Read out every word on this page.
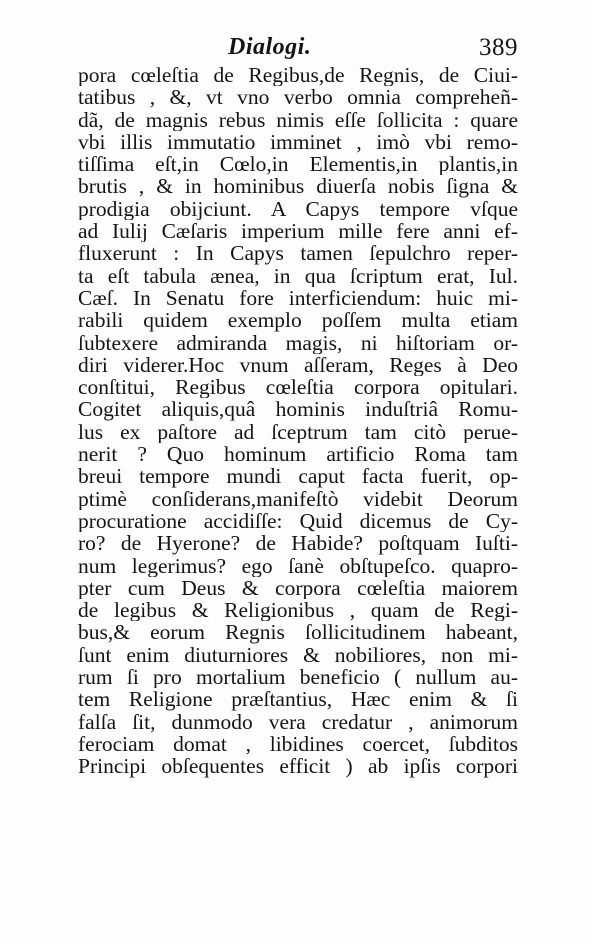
Dialogi.	389
pora cœleſtia de Regibus,de Regnis, de Ciui-
tatibus , &, vt vno verbo omnia compreheñ-
dã, de magnis rebus nimis eſſe ſollicita : quare
vbi illis immutatio imminet , imò vbi remo-
tiſſima eſt,in Cœlo,in Elementis,in plantis,in
brutis , & in hominibus diuerſa nobis ſigna &
prodigia obijciunt. A Capys tempore vſque
ad Iulij Cæſaris imperium mille fere anni ef-
fluxerunt : In Capys tamen ſepulchro reper-
ta eſt tabula ænea, in qua ſcriptum erat, Iul.
Cæſ. In Senatu fore interficiendum: huic mi-
rabili quidem exemplo poſſem multa etiam
ſubtexere admiranda magis, ni hiſtoriam or-
diri viderer.Hoc vnum aſſeram, Reges à Deo
conſtitui, Regibus cœleſtia corpora opitulari.
Cogitet aliquis,quâ hominis induſtriâ Romu-
lus ex paſtore ad ſceptrum tam citò perue-
nerit ? Quo hominum artificio Roma tam
breui tempore mundi caput facta fuerit, op-
ptimè conſiderans,manifeſtò videbit Deorum
procuratione accidiſſe: Quid dicemus de Cy-
ro? de Hyerone? de Habide? poſtquam Iuſti-
num legerimus? ego ſanè obſtupeſco. quapro-
pter cum Deus & corpora cœleſtia maiorem
de legibus & Religionibus , quam de Regi-
bus,& eorum Regnis ſollicitudinem habeant,
ſunt enim diuturniores & nobiliores, non mi-
rum ſi pro mortalium beneficio ( nullum au-
tem Religione præſtantius, Hæc enim & ſi
falſa ſit, dunmodo vera credatur , animorum
ferociam domat , libidines coercet, ſubditos
Principi obſequentes efficit ) ab ipſis corpori
